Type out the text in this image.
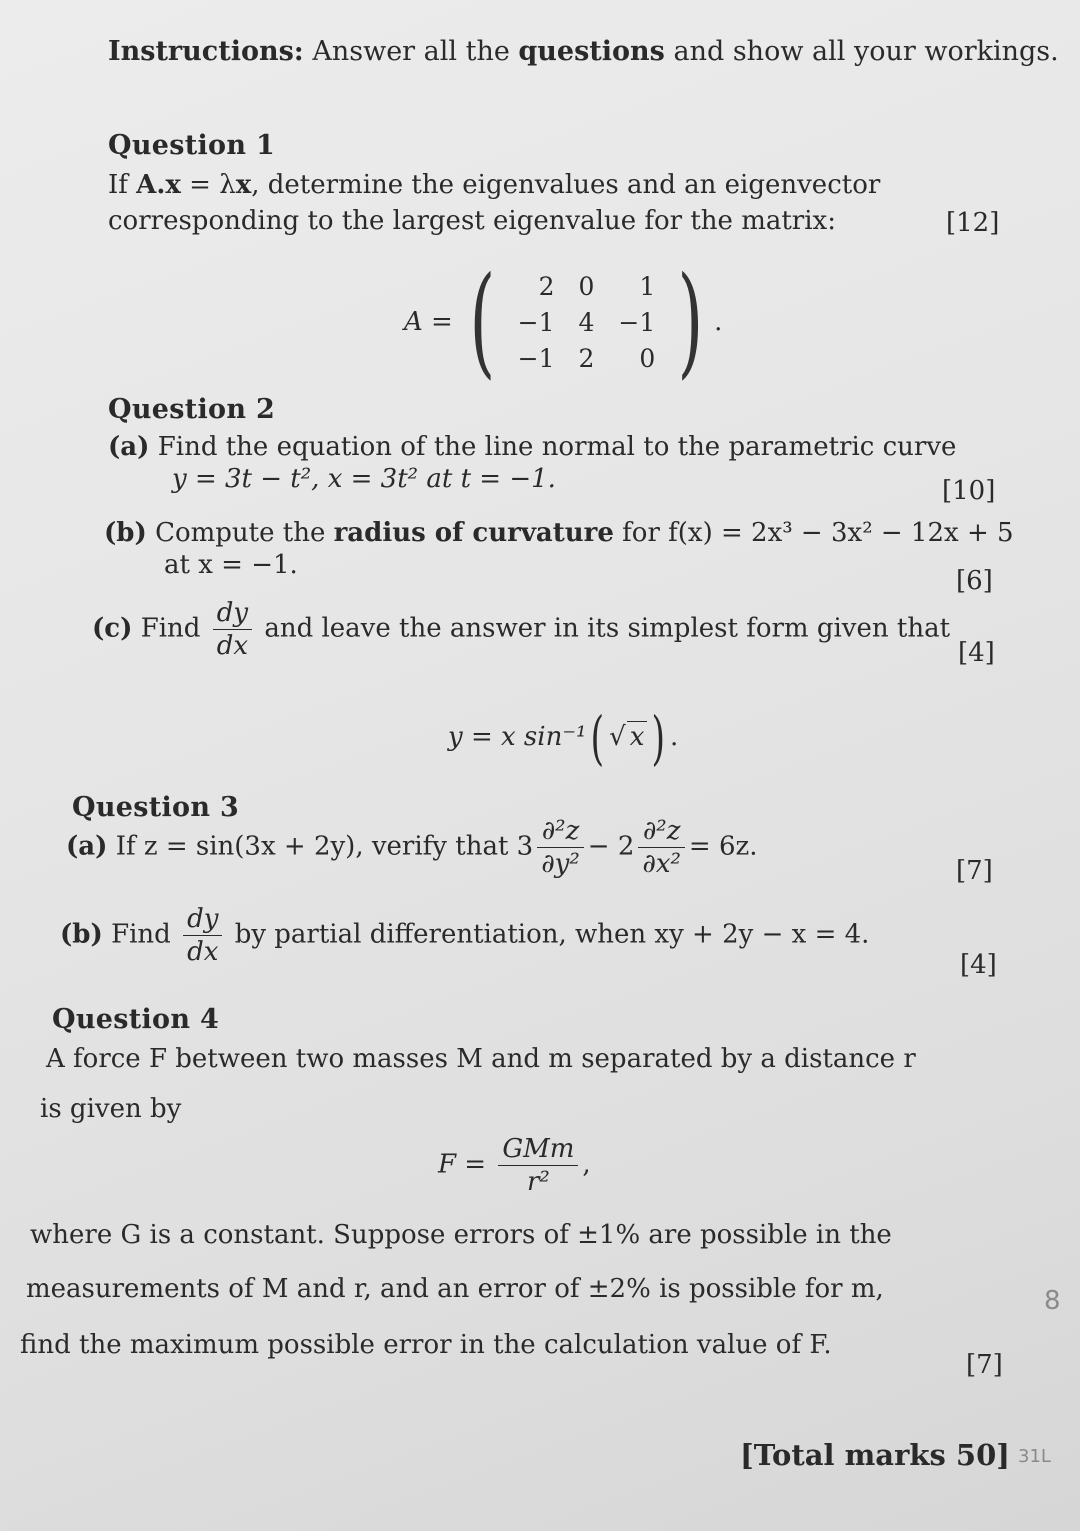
Instructions: Answer all the questions and show all your workings.
Question 1
If A.x = λx, determine the eigenvalues and an eigenvector
corresponding to the largest eigenvalue for the matrix:	[12]
A = ( 2	0	1
−1	4	−1
−1	2	0 ) .
Question 2
(a) Find the equation of the line normal to the parametric curve
y = 3t − t², x = 3t² at t = −1.	[10]
(b) Compute the radius of curvature for f(x) = 2x³ − 3x² − 12x + 5
at x = −1.
[6]
(c) Find $\frac{dy}{dx}$ and leave the answer in its simplest form given that
[4]
y = x sin⁻¹( √ x ) .
Question 3
(a) If z = sin(3x + 2y), verify that $3 \frac{\text{∂²z}}{\text{∂y²}} - 2 \frac{\text{∂²z}}{\text{∂x²}} = 6z$.
[7]
(b) Find $\frac{dy}{dx}$ by partial differentiation, when xy + 2y − x = 4.
[4]
Question 4
A force F between two masses M and m separated by a distance r
is given by
$F = \frac{\text{GMm}}{\text{r²}}$ ,
where G is a constant. Suppose errors of ±1% are possible in the
measurements of M and r, and an error of ±2% is possible for m,
find the maximum possible error in the calculation value of F.
[7]
[Total marks 50]
8
31L
